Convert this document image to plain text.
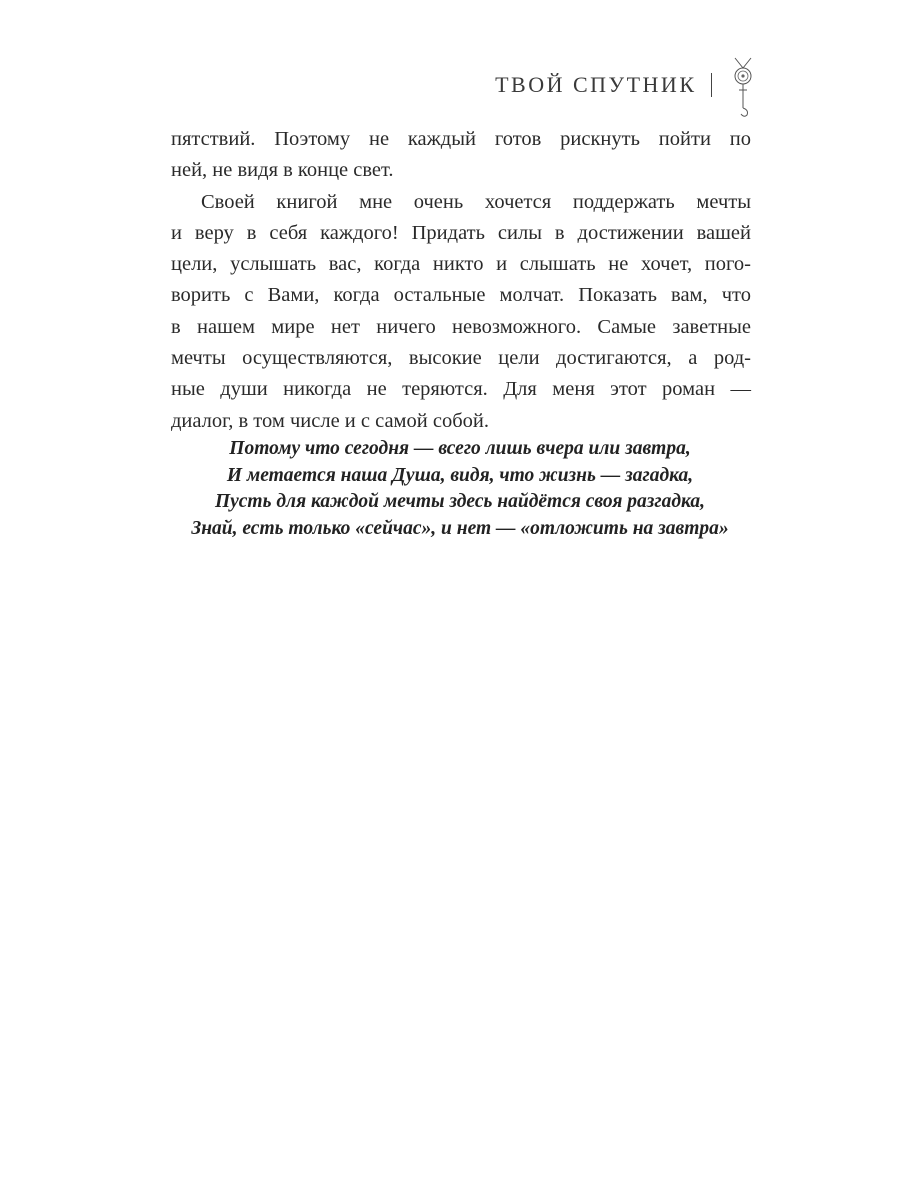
ТВОЙ СПУТНИК
пятствий. Поэтому не каждый готов рискнуть пойти по
ней, не видя в конце свет.
Своей книгой мне очень хочется поддержать мечты
и веру в себя каждого! Придать силы в достижении вашей
цели, услышать вас, когда никто и слышать не хочет, пого-
ворить с Вами, когда остальные молчат. Показать вам, что
в нашем мире нет ничего невозможного. Самые заветные
мечты осуществляются, высокие цели достигаются, а род-
ные души никогда не теряются. Для меня этот роман —
диалог, в том числе и с самой собой.
Потому что сегодня — всего лишь вчера или завтра,
И метается наша Душа, видя, что жизнь — загадка,
Пусть для каждой мечты здесь найдётся своя разгадка,
Знай, есть только «сейчас», и нет — «отложить на завтра»
